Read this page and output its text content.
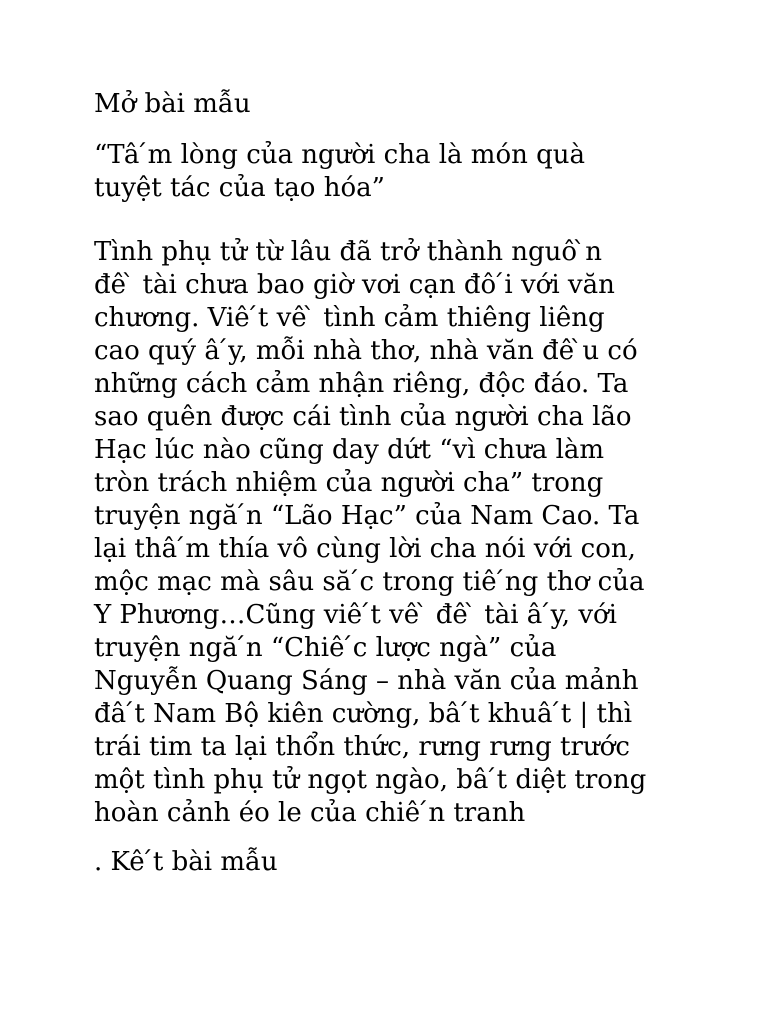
Mở bài mẫu
“Tâ ́m lòng của người cha là món quà
tuyệt tác của tạo hóa”
Tình phụ tử từ lâu đã trở thành nguô ̀n
đê ̀ tài chưa bao giờ vơi cạn đô ́i với văn
chương. Viê ́t vê ̀ tình cảm thiêng liêng
cao quý â ́y, mỗi nhà thơ, nhà văn đê ̀u có
những cách cảm nhận riêng, độc đáo. Ta
sao quên được cái tình của người cha lão
Hạc lúc nào cũng day dứt “vì chưa làm
tròn trách nhiệm của người cha” trong
truyện ngă ́n “Lão Hạc” của Nam Cao. Ta
lại thâ ́m thía vô cùng lời cha nói với con,
mộc mạc mà sâu să ́c trong tiê ́ng thơ của
Y Phương…Cũng viê ́t vê ̀ đê ̀ tài â ́y, với
truyện ngă ́n “Chiê ́c lược ngà” của
Nguyễn Quang Sáng – nhà văn của mảnh
đâ ́t Nam Bộ kiên cường, bâ ́t khuâ ́t | thì
trái tim ta lại thổn thức, rưng rưng trước
một tình phụ tử ngọt ngào, bâ ́t diệt trong
hoàn cảnh éo le của chiê ́n tranh
. Kê ́t bài mẫu
